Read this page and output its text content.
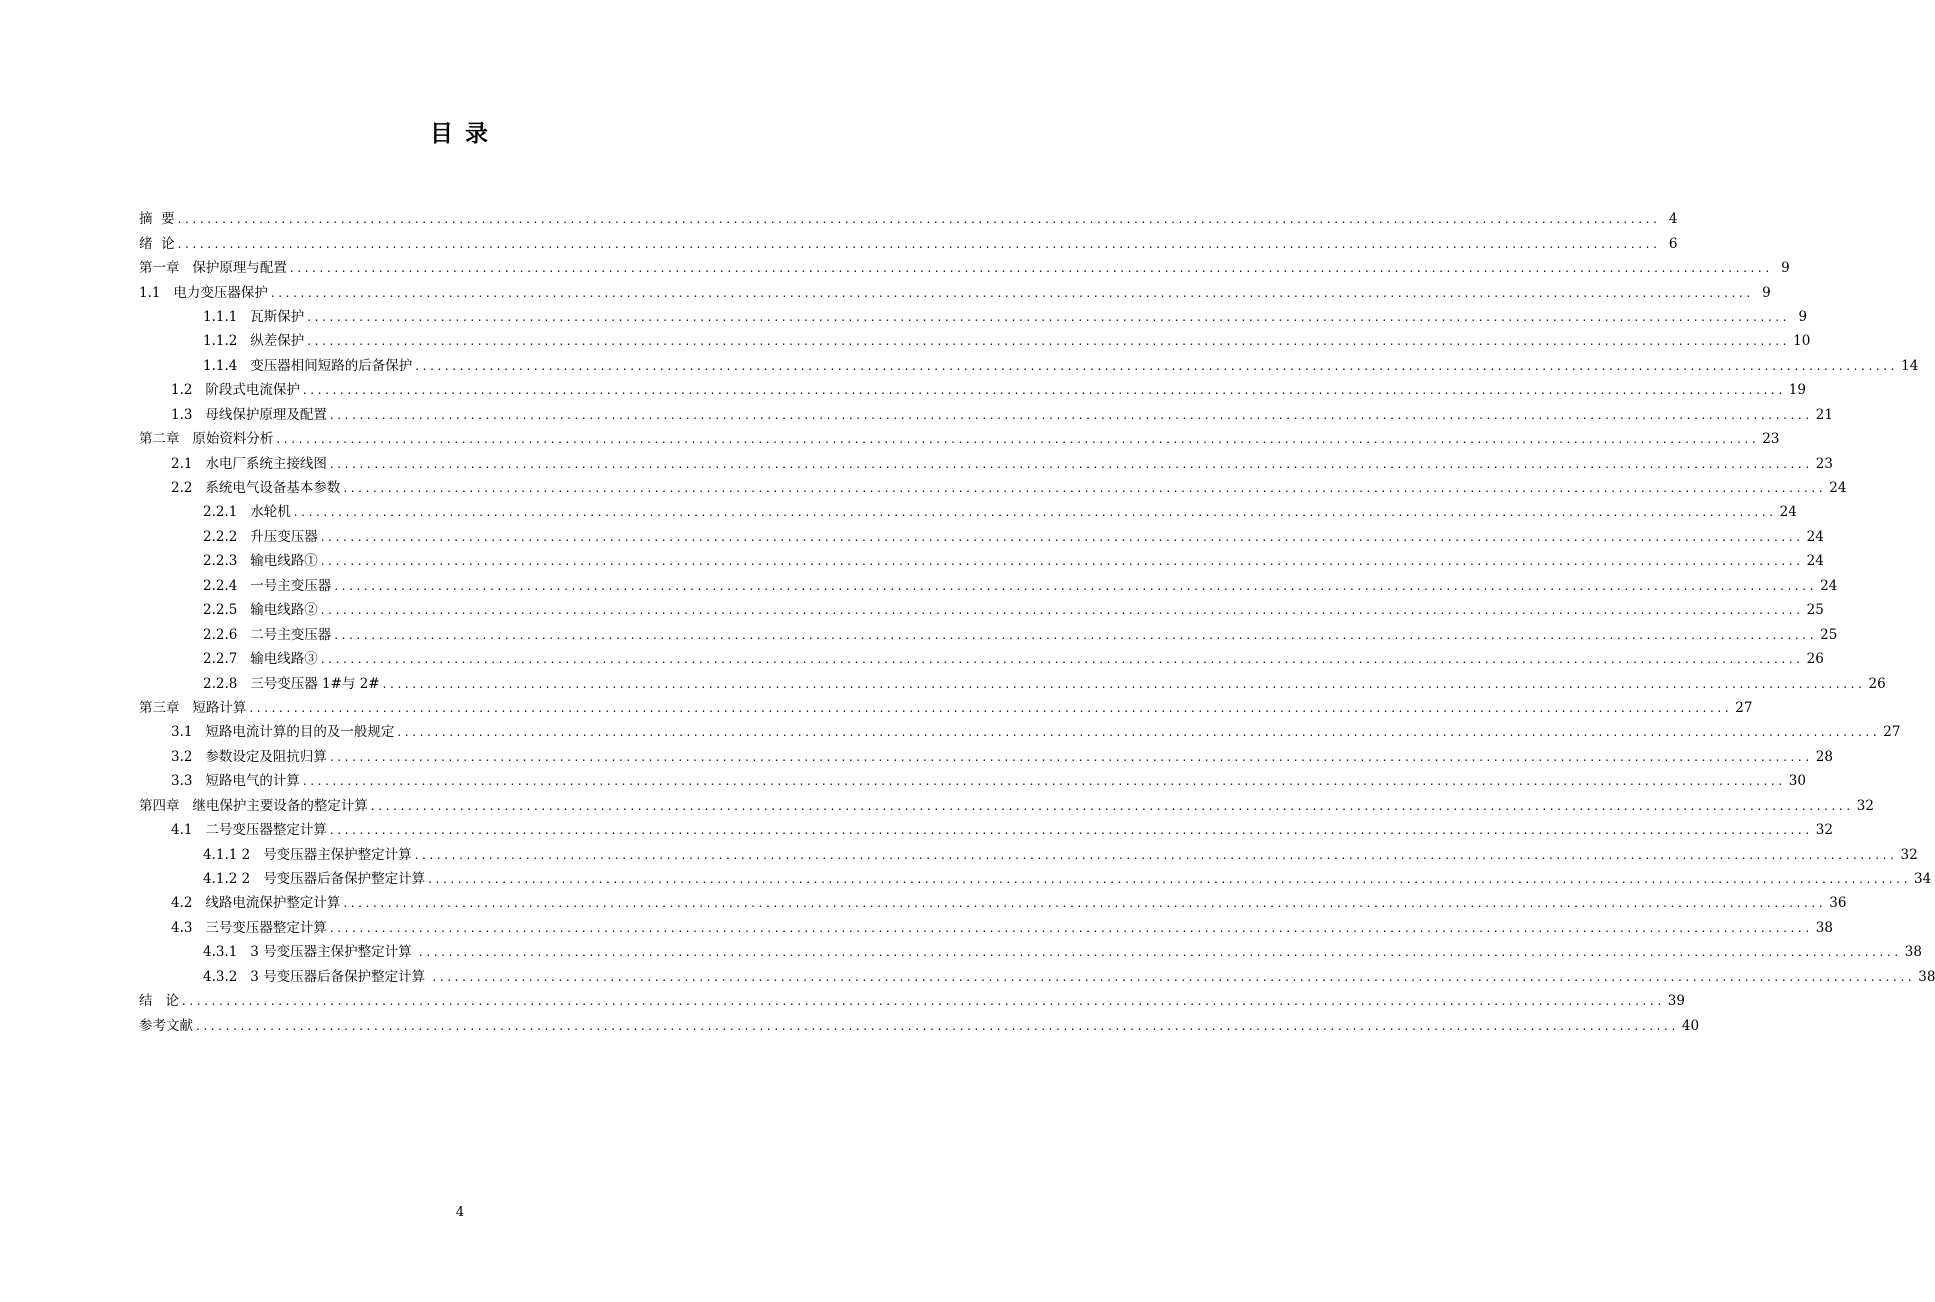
目 录
摘  要 ........................................................................................................................................................................................................ 4
绪  论 ........................................................................................................................................................................................................ 6
第一章   保护原理与配置 ........................................................................................................................................................................................................ 9
1.1   电力变压器保护 ........................................................................................................................................................................................................ 9
1.1.1   瓦斯保护 ........................................................................................................................................................................................................ 9
1.1.2   纵差保护 ........................................................................................................................................................................................................ 10
1.1.4   变压器相间短路的后备保护 ........................................................................................................................................................................................................ 14
1.2   阶段式电流保护 ........................................................................................................................................................................................................ 19
1.3   母线保护原理及配置 ........................................................................................................................................................................................................ 21
第二章   原始资料分析 ........................................................................................................................................................................................................ 23
2.1   水电厂系统主接线图 ........................................................................................................................................................................................................ 23
2.2   系统电气设备基本参数 ........................................................................................................................................................................................................ 24
2.2.1   水轮机 ........................................................................................................................................................................................................ 24
2.2.2   升压变压器 ........................................................................................................................................................................................................ 24
2.2.3   输电线路① ........................................................................................................................................................................................................ 24
2.2.4   一号主变压器 ........................................................................................................................................................................................................ 24
2.2.5   输电线路② ........................................................................................................................................................................................................ 25
2.2.6   二号主变压器 ........................................................................................................................................................................................................ 25
2.2.7   输电线路③ ........................................................................................................................................................................................................ 26
2.2.8   三号变压器 1#与 2# ........................................................................................................................................................................................................ 26
第三章   短路计算 ........................................................................................................................................................................................................ 27
3.1   短路电流计算的目的及一般规定 ........................................................................................................................................................................................................ 27
3.2   参数设定及阻抗归算 ........................................................................................................................................................................................................ 28
3.3   短路电气的计算 ........................................................................................................................................................................................................ 30
第四章   继电保护主要设备的整定计算 ........................................................................................................................................................................................................ 32
4.1   二号变压器整定计算 ........................................................................................................................................................................................................ 32
4.1.1 2   号变压器主保护整定计算 ........................................................................................................................................................................................................ 32
4.1.2 2   号变压器后备保护整定计算 ........................................................................................................................................................................................................ 34
4.2   线路电流保护整定计算 ........................................................................................................................................................................................................ 36
4.3   三号变压器整定计算 ........................................................................................................................................................................................................ 38
4.3.1   3 号变压器主保护整定计算 ........................................................................................................................................................................................................ 38
4.3.2   3 号变压器后备保护整定计算 ........................................................................................................................................................................................................ 38
结   论 ........................................................................................................................................................................................................ 39
参考文献 ........................................................................................................................................................................................................ 40
4
